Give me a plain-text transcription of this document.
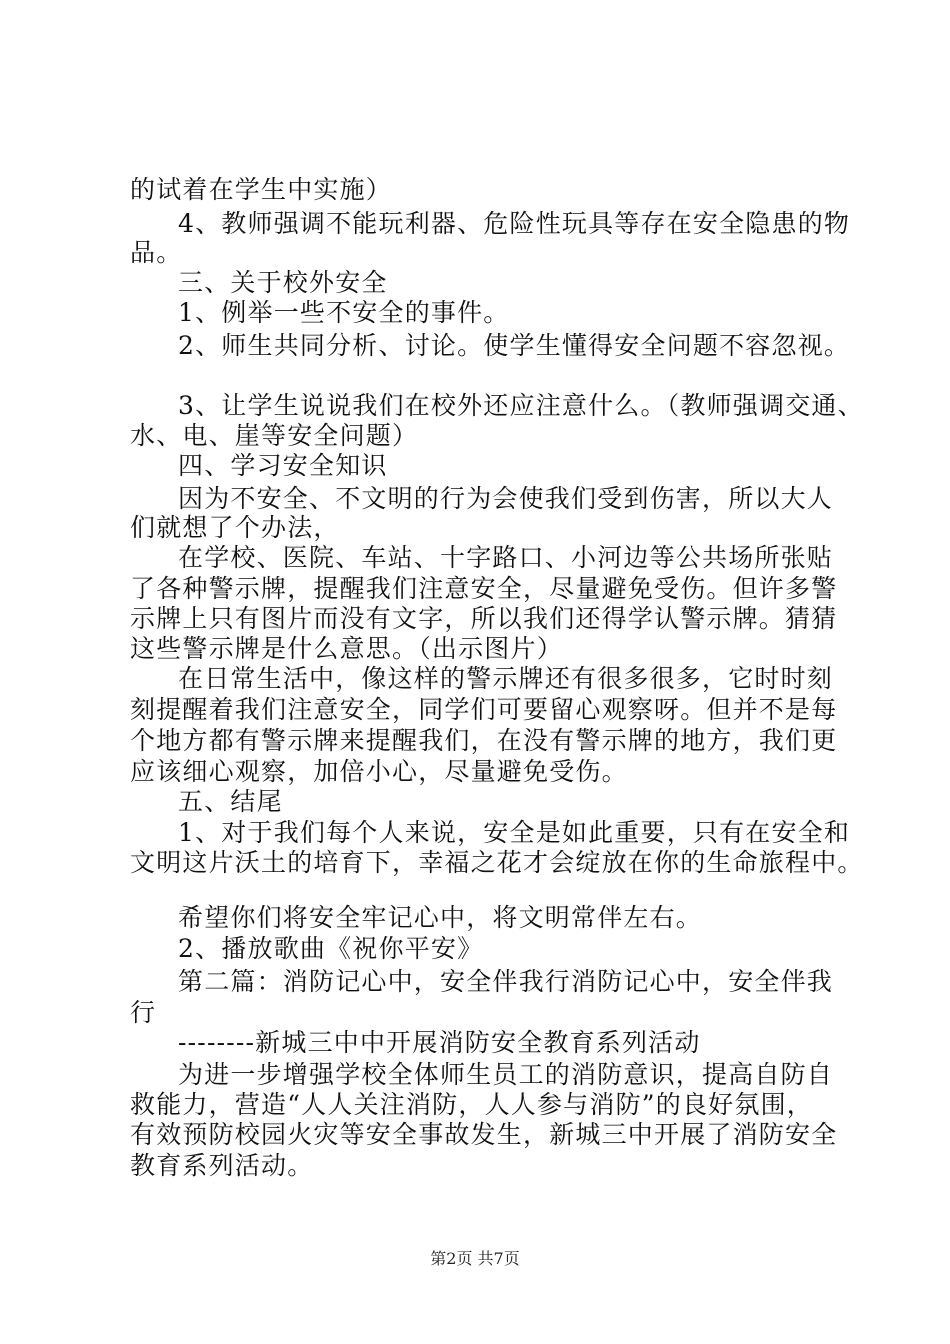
的试着在学生中实施）
4、教师强调不能玩利器、危险性玩具等存在安全隐患的物
品。
三、关于校外安全
1、例举一些不安全的事件。
2、师生共同分析、讨论。使学生懂得安全问题不容忽视。
3、让学生说说我们在校外还应注意什么。（教师强调交通、
水、电、崖等安全问题）
四、学习安全知识
因为不安全、不文明的行为会使我们受到伤害，所以大人
们就想了个办法，
在学校、医院、车站、十字路口、小河边等公共场所张贴
了各种警示牌，提醒我们注意安全，尽量避免受伤。但许多警
示牌上只有图片而没有文字，所以我们还得学认警示牌。猜猜
这些警示牌是什么意思。（出示图片）
在日常生活中，像这样的警示牌还有很多很多，它时时刻
刻提醒着我们注意安全，同学们可要留心观察呀。但并不是每
个地方都有警示牌来提醒我们，在没有警示牌的地方，我们更
应该细心观察，加倍小心，尽量避免受伤。
五、结尾
1、对于我们每个人来说，安全是如此重要，只有在安全和
文明这片沃土的培育下，幸福之花才会绽放在你的生命旅程中。
希望你们将安全牢记心中，将文明常伴左右。
2、播放歌曲《祝你平安》
第二篇：消防记心中，安全伴我行消防记心中，安全伴我
行
--------新城三中中开展消防安全教育系列活动
为进一步增强学校全体师生员工的消防意识，提高自防自
救能力，营造“人人关注消防，人人参与消防”的良好氛围，
有效预防校园火灾等安全事故发生，新城三中开展了消防安全
教育系列活动。
第2页 共7页
